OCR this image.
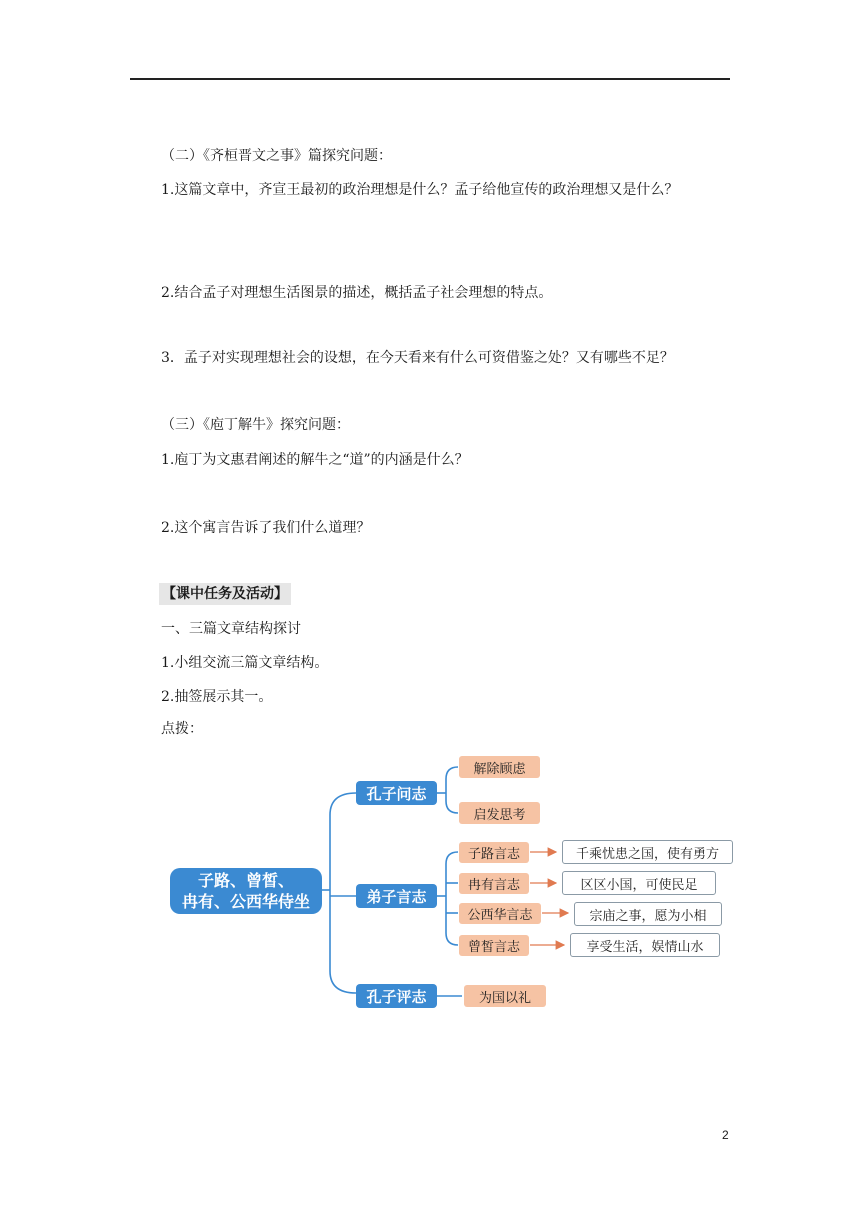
（二）《齐桓晋文之事》篇探究问题：
1.这篇文章中，齐宣王最初的政治理想是什么？孟子给他宣传的政治理想又是什么？
2.结合孟子对理想生活图景的描述，概括孟子社会理想的特点。
3．孟子对实现理想社会的设想，在今天看来有什么可资借鉴之处？又有哪些不足？
（三）《庖丁解牛》探究问题：
1.庖丁为文惠君阐述的解牛之“道”的内涵是什么？
2.这个寓言告诉了我们什么道理？
【课中任务及活动】
一、三篇文章结构探讨
1.小组交流三篇文章结构。
2.抽签展示其一。
点拨：
子路、曾皙、
冉有、公西华侍坐
孔子问志
弟子言志
孔子评志
解除顾虑
启发思考
子路言志
冉有言志
公西华言志
曾皙言志
千乘忧患之国，使有勇方
区区小国，可使民足
宗庙之事，愿为小相
享受生活，娱情山水
为国以礼
2
